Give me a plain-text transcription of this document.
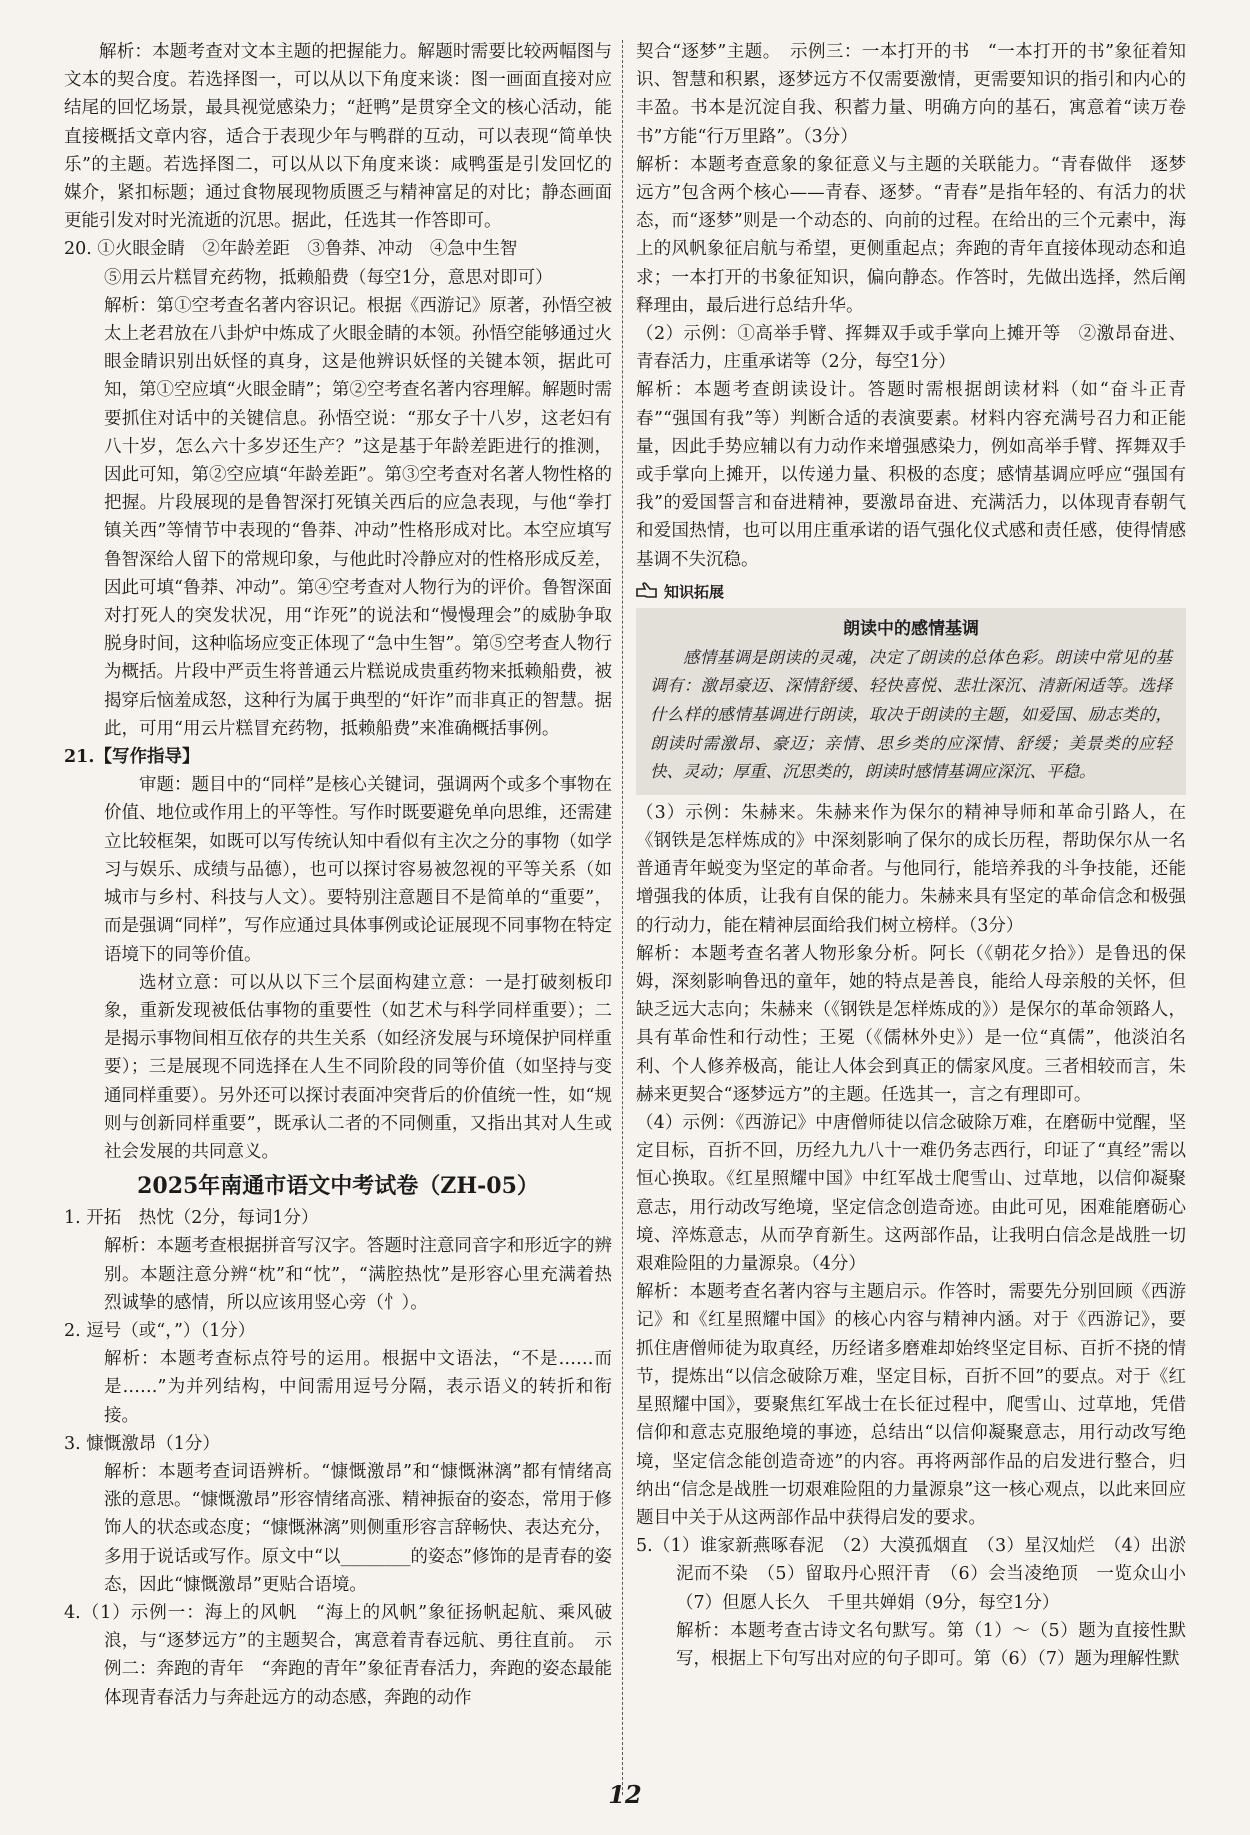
解析：本题考查对文本主题的把握能力。解题时需要比较两幅图与文本的契合度。若选择图一，可以从以下角度来谈：图一画面直接对应结尾的回忆场景，最具视觉感染力；“赶鸭”是贯穿全文的核心活动，能直接概括文章内容，适合于表现少年与鸭群的互动，可以表现“简单快乐”的主题。若选择图二，可以从以下角度来谈：咸鸭蛋是引发回忆的媒介，紧扣标题；通过食物展现物质匮乏与精神富足的对比；静态画面更能引发对时光流逝的沉思。据此，任选其一作答即可。

20. ①火眼金睛　②年龄差距　③鲁莽、冲动　④急中生智

⑤用云片糕冒充药物，抵赖船费（每空1分，意思对即可）

解析：第①空考查名著内容识记。根据《西游记》原著，孙悟空被太上老君放在八卦炉中炼成了火眼金睛的本领。孙悟空能够通过火眼金睛识别出妖怪的真身，这是他辨识妖怪的关键本领，据此可知，第①空应填“火眼金睛”；第②空考查名著内容理解。解题时需要抓住对话中的关键信息。孙悟空说：“那女子十八岁，这老妇有八十岁，怎么六十多岁还生产？”这是基于年龄差距进行的推测，因此可知，第②空应填“年龄差距”。第③空考查对名著人物性格的把握。片段展现的是鲁智深打死镇关西后的应急表现，与他“拳打镇关西”等情节中表现的“鲁莽、冲动”性格形成对比。本空应填写鲁智深给人留下的常规印象，与他此时冷静应对的性格形成反差，因此可填“鲁莽、冲动”。第④空考查对人物行为的评价。鲁智深面对打死人的突发状况，用“诈死”的说法和“慢慢理会”的威胁争取脱身时间，这种临场应变正体现了“急中生智”。第⑤空考查人物行为概括。片段中严贡生将普通云片糕说成贵重药物来抵赖船费，被揭穿后恼羞成怒，这种行为属于典型的“奸诈”而非真正的智慧。据此，可用“用云片糕冒充药物，抵赖船费”来准确概括事例。

21.【写作指导】

审题：题目中的“同样”是核心关键词，强调两个或多个事物在价值、地位或作用上的平等性。写作时既要避免单向思维，还需建立比较框架，如既可以写传统认知中看似有主次之分的事物（如学习与娱乐、成绩与品德），也可以探讨容易被忽视的平等关系（如城市与乡村、科技与人文）。要特别注意题目不是简单的“重要”，而是强调“同样”，写作应通过具体事例或论证展现不同事物在特定语境下的同等价值。

选材立意：可以从以下三个层面构建立意：一是打破刻板印象，重新发现被低估事物的重要性（如艺术与科学同样重要）；二是揭示事物间相互依存的共生关系（如经济发展与环境保护同样重要）；三是展现不同选择在人生不同阶段的同等价值（如坚持与变通同样重要）。另外还可以探讨表面冲突背后的价值统一性，如“规则与创新同样重要”，既承认二者的不同侧重，又指出其对人生或社会发展的共同意义。

2025年南通市语文中考试卷（ZH-05）

1. 开拓　热忱（2分，每词1分）

解析：本题考查根据拼音写汉字。答题时注意同音字和形近字的辨别。本题注意分辨“枕”和“忱”，“满腔热忱”是形容心里充满着热烈诚挚的感情，所以应该用竖心旁（忄）。

2. 逗号（或“，”）（1分）

解析：本题考查标点符号的运用。根据中文语法，“不是……而是……”为并列结构，中间需用逗号分隔，表示语义的转折和衔接。

3. 慷慨激昂（1分）

解析：本题考查词语辨析。“慷慨激昂”和“慷慨淋漓”都有情绪高涨的意思。“慷慨激昂”形容情绪高涨、精神振奋的姿态，常用于修饰人的状态或态度；“慷慨淋漓”则侧重形容言辞畅快、表达充分，多用于说话或写作。原文中“以________的姿态”修饰的是青春的姿态，因此“慷慨激昂”更贴合语境。

4.（1）示例一：海上的风帆　“海上的风帆”象征扬帆起航、乘风破浪，与“逐梦远方”的主题契合，寓意着青春远航、勇往直前。　示例二：奔跑的青年　“奔跑的青年”象征青春活力，奔跑的姿态最能体现青春活力与奔赴远方的动态感，奔跑的动作

契合“逐梦”主题。　示例三：一本打开的书　“一本打开的书”象征着知识、智慧和积累，逐梦远方不仅需要激情，更需要知识的指引和内心的丰盈。书本是沉淀自我、积蓄力量、明确方向的基石，寓意着“读万卷书”方能“行万里路”。（3分）

解析：本题考查意象的象征意义与主题的关联能力。“青春做伴　逐梦远方”包含两个核心——青春、逐梦。“青春”是指年轻的、有活力的状态，而“逐梦”则是一个动态的、向前的过程。在给出的三个元素中，海上的风帆象征启航与希望，更侧重起点；奔跑的青年直接体现动态和追求；一本打开的书象征知识，偏向静态。作答时，先做出选择，然后阐释理由，最后进行总结升华。

（2）示例：①高举手臂、挥舞双手或手掌向上摊开等　②激昂奋进、青春活力，庄重承诺等（2分，每空1分）

解析：本题考查朗读设计。答题时需根据朗读材料（如“奋斗正青春”“强国有我”等）判断合适的表演要素。材料内容充满号召力和正能量，因此手势应辅以有力动作来增强感染力，例如高举手臂、挥舞双手或手掌向上摊开，以传递力量、积极的态度；感情基调应呼应“强国有我”的爱国誓言和奋进精神，要激昂奋进、充满活力，以体现青春朝气和爱国热情，也可以用庄重承诺的语气强化仪式感和责任感，使得情感基调不失沉稳。

知识拓展

朗读中的感情基调

感情基调是朗读的灵魂，决定了朗读的总体色彩。朗读中常见的基调有：激昂豪迈、深情舒缓、轻快喜悦、悲壮深沉、清新闲适等。选择什么样的感情基调进行朗读，取决于朗读的主题，如爱国、励志类的，朗读时需激昂、豪迈；亲情、思乡类的应深情、舒缓；美景类的应轻快、灵动；厚重、沉思类的，朗读时感情基调应深沉、平稳。

（3）示例：朱赫来。朱赫来作为保尔的精神导师和革命引路人，在《钢铁是怎样炼成的》中深刻影响了保尔的成长历程，帮助保尔从一名普通青年蜕变为坚定的革命者。与他同行，能培养我的斗争技能，还能增强我的体质，让我有自保的能力。朱赫来具有坚定的革命信念和极强的行动力，能在精神层面给我们树立榜样。（3分）

解析：本题考查名著人物形象分析。阿长（《朝花夕拾》）是鲁迅的保姆，深刻影响鲁迅的童年，她的特点是善良，能给人母亲般的关怀，但缺乏远大志向；朱赫来（《钢铁是怎样炼成的》）是保尔的革命领路人，具有革命性和行动性；王冕（《儒林外史》）是一位“真儒”，他淡泊名利、个人修养极高，能让人体会到真正的儒家风度。三者相较而言，朱赫来更契合“逐梦远方”的主题。任选其一，言之有理即可。

（4）示例：《西游记》中唐僧师徒以信念破除万难，在磨砺中觉醒，坚定目标，百折不回，历经九九八十一难仍务志西行，印证了“真经”需以恒心换取。《红星照耀中国》中红军战士爬雪山、过草地，以信仰凝聚意志，用行动改写绝境，坚定信念创造奇迹。由此可见，困难能磨砺心境、淬炼意志，从而孕育新生。这两部作品，让我明白信念是战胜一切艰难险阻的力量源泉。（4分）

解析：本题考查名著内容与主题启示。作答时，需要先分别回顾《西游记》和《红星照耀中国》的核心内容与精神内涵。对于《西游记》，要抓住唐僧师徒为取真经，历经诸多磨难却始终坚定目标、百折不挠的情节，提炼出“以信念破除万难，坚定目标，百折不回”的要点。对于《红星照耀中国》，要聚焦红军战士在长征过程中，爬雪山、过草地，凭借信仰和意志克服绝境的事迹，总结出“以信仰凝聚意志，用行动改写绝境，坚定信念能创造奇迹”的内容。再将两部作品的启发进行整合，归纳出“信念是战胜一切艰难险阻的力量源泉”这一核心观点，以此来回应题目中关于从这两部作品中获得启发的要求。

5.（1）谁家新燕啄春泥　（2）大漠孤烟直　（3）星汉灿烂　（4）出淤泥而不染　（5）留取丹心照汗青　（6）会当凌绝顶　一览众山小　（7）但愿人长久　千里共婵娟（9分，每空1分）

解析：本题考查古诗文名句默写。第（1）～（5）题为直接性默写，根据上下句写出对应的句子即可。第（6）（7）题为理解性默

12
